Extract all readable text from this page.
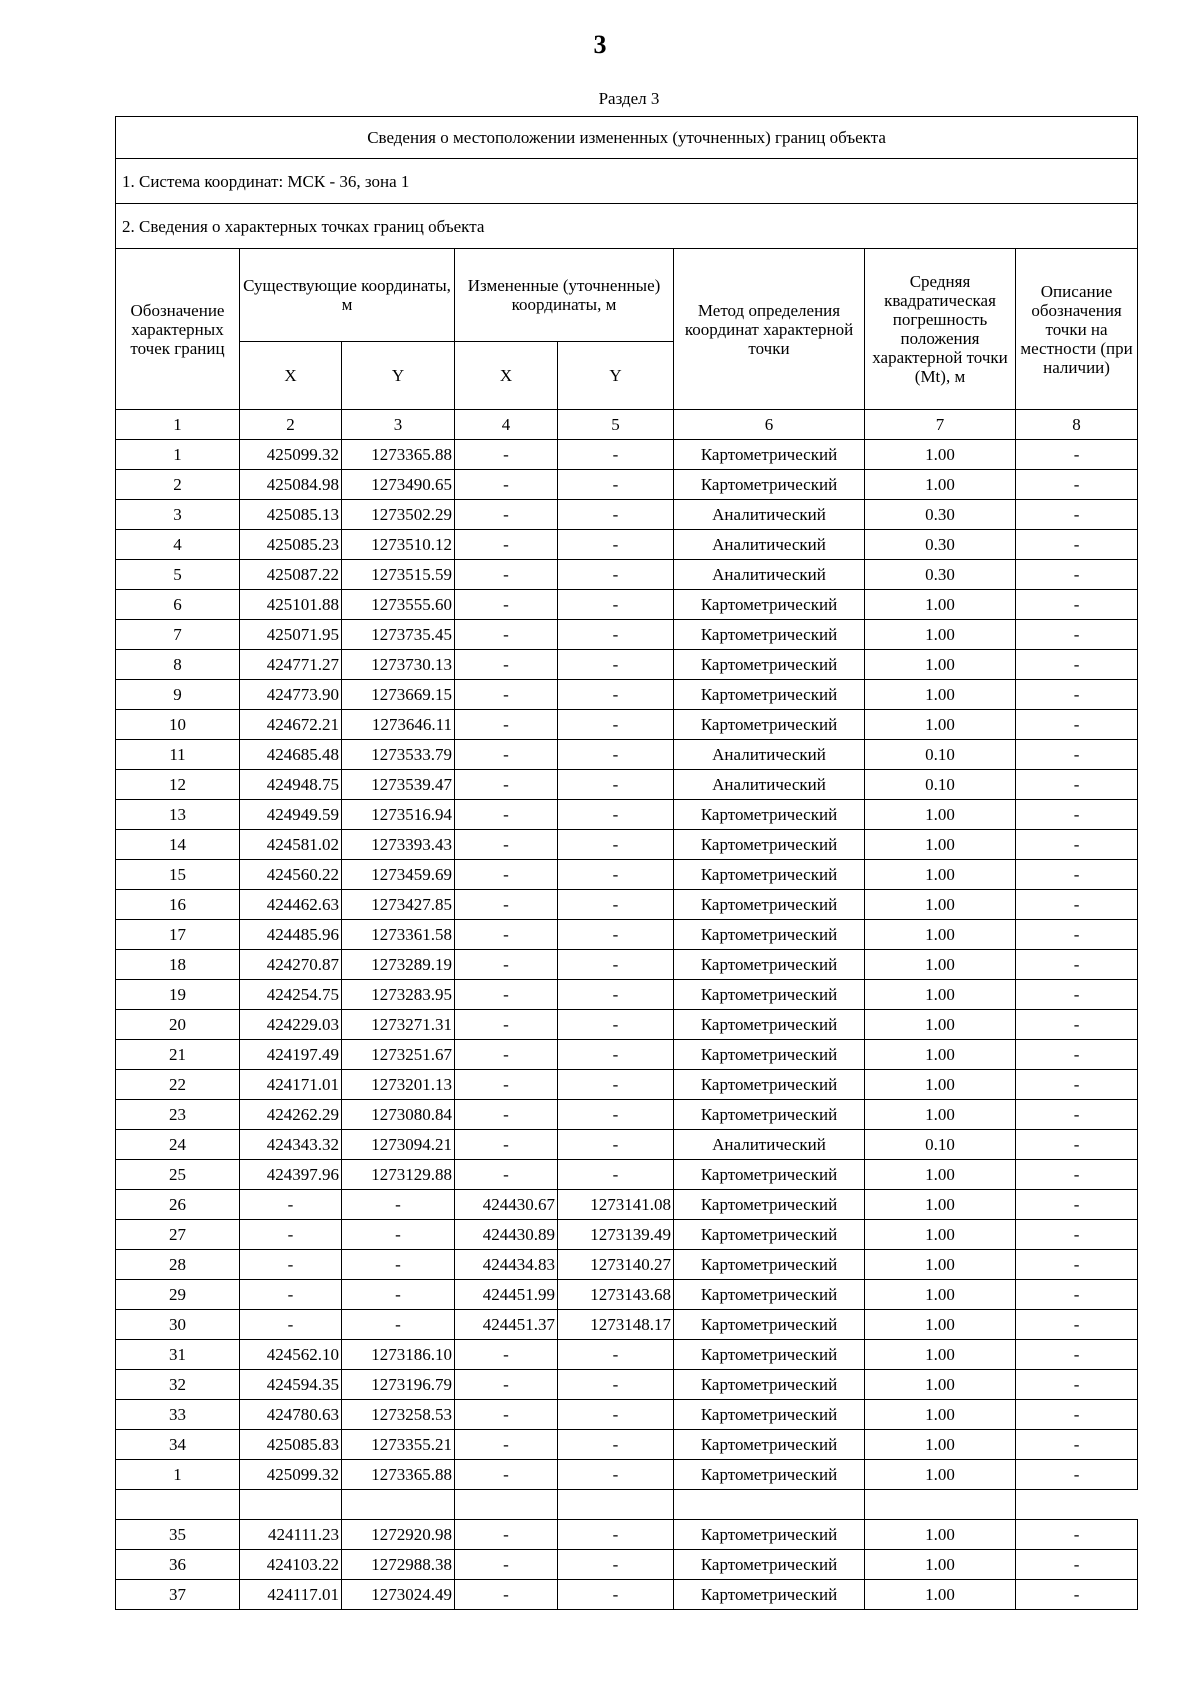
3
Раздел 3
Сведения о местоположении измененных (уточненных) границ объекта							
1. Система координат: МСК - 36, зона 1							
2. Сведения о характерных точках границ объекта							
Обозначение характерных точек границ	Существующие координаты, м		Измененные (уточненные) координаты, м		Метод определения координат характерной точки	Средняя квадратическая погрешность положения характерной точки (Mt), м	Описание обозначения точки на местности (при наличии)
	X	Y	X	Y			
1	2	3	4	5	6	7	8
1	425099.32	1273365.88	-	-	Картометрический	1.00	-
2	425084.98	1273490.65	-	-	Картометрический	1.00	-
3	425085.13	1273502.29	-	-	Аналитический	0.30	-
4	425085.23	1273510.12	-	-	Аналитический	0.30	-
5	425087.22	1273515.59	-	-	Аналитический	0.30	-
6	425101.88	1273555.60	-	-	Картометрический	1.00	-
7	425071.95	1273735.45	-	-	Картометрический	1.00	-
8	424771.27	1273730.13	-	-	Картометрический	1.00	-
9	424773.90	1273669.15	-	-	Картометрический	1.00	-
10	424672.21	1273646.11	-	-	Картометрический	1.00	-
11	424685.48	1273533.79	-	-	Аналитический	0.10	-
12	424948.75	1273539.47	-	-	Аналитический	0.10	-
13	424949.59	1273516.94	-	-	Картометрический	1.00	-
14	424581.02	1273393.43	-	-	Картометрический	1.00	-
15	424560.22	1273459.69	-	-	Картометрический	1.00	-
16	424462.63	1273427.85	-	-	Картометрический	1.00	-
17	424485.96	1273361.58	-	-	Картометрический	1.00	-
18	424270.87	1273289.19	-	-	Картометрический	1.00	-
19	424254.75	1273283.95	-	-	Картометрический	1.00	-
20	424229.03	1273271.31	-	-	Картометрический	1.00	-
21	424197.49	1273251.67	-	-	Картометрический	1.00	-
22	424171.01	1273201.13	-	-	Картометрический	1.00	-
23	424262.29	1273080.84	-	-	Картометрический	1.00	-
24	424343.32	1273094.21	-	-	Аналитический	0.10	-
25	424397.96	1273129.88	-	-	Картометрический	1.00	-
26	-	-	424430.67	1273141.08	Картометрический	1.00	-
27	-	-	424430.89	1273139.49	Картометрический	1.00	-
28	-	-	424434.83	1273140.27	Картометрический	1.00	-
29	-	-	424451.99	1273143.68	Картометрический	1.00	-
30	-	-	424451.37	1273148.17	Картометрический	1.00	-
31	424562.10	1273186.10	-	-	Картометрический	1.00	-
32	424594.35	1273196.79	-	-	Картометрический	1.00	-
33	424780.63	1273258.53	-	-	Картометрический	1.00	-
34	425085.83	1273355.21	-	-	Картометрический	1.00	-
1	425099.32	1273365.88	-	-	Картометрический	1.00	-

35	424111.23	1272920.98	-	-	Картометрический	1.00	-
36	424103.22	1272988.38	-	-	Картометрический	1.00	-
37	424117.01	1273024.49	-	-	Картометрический	1.00	-
